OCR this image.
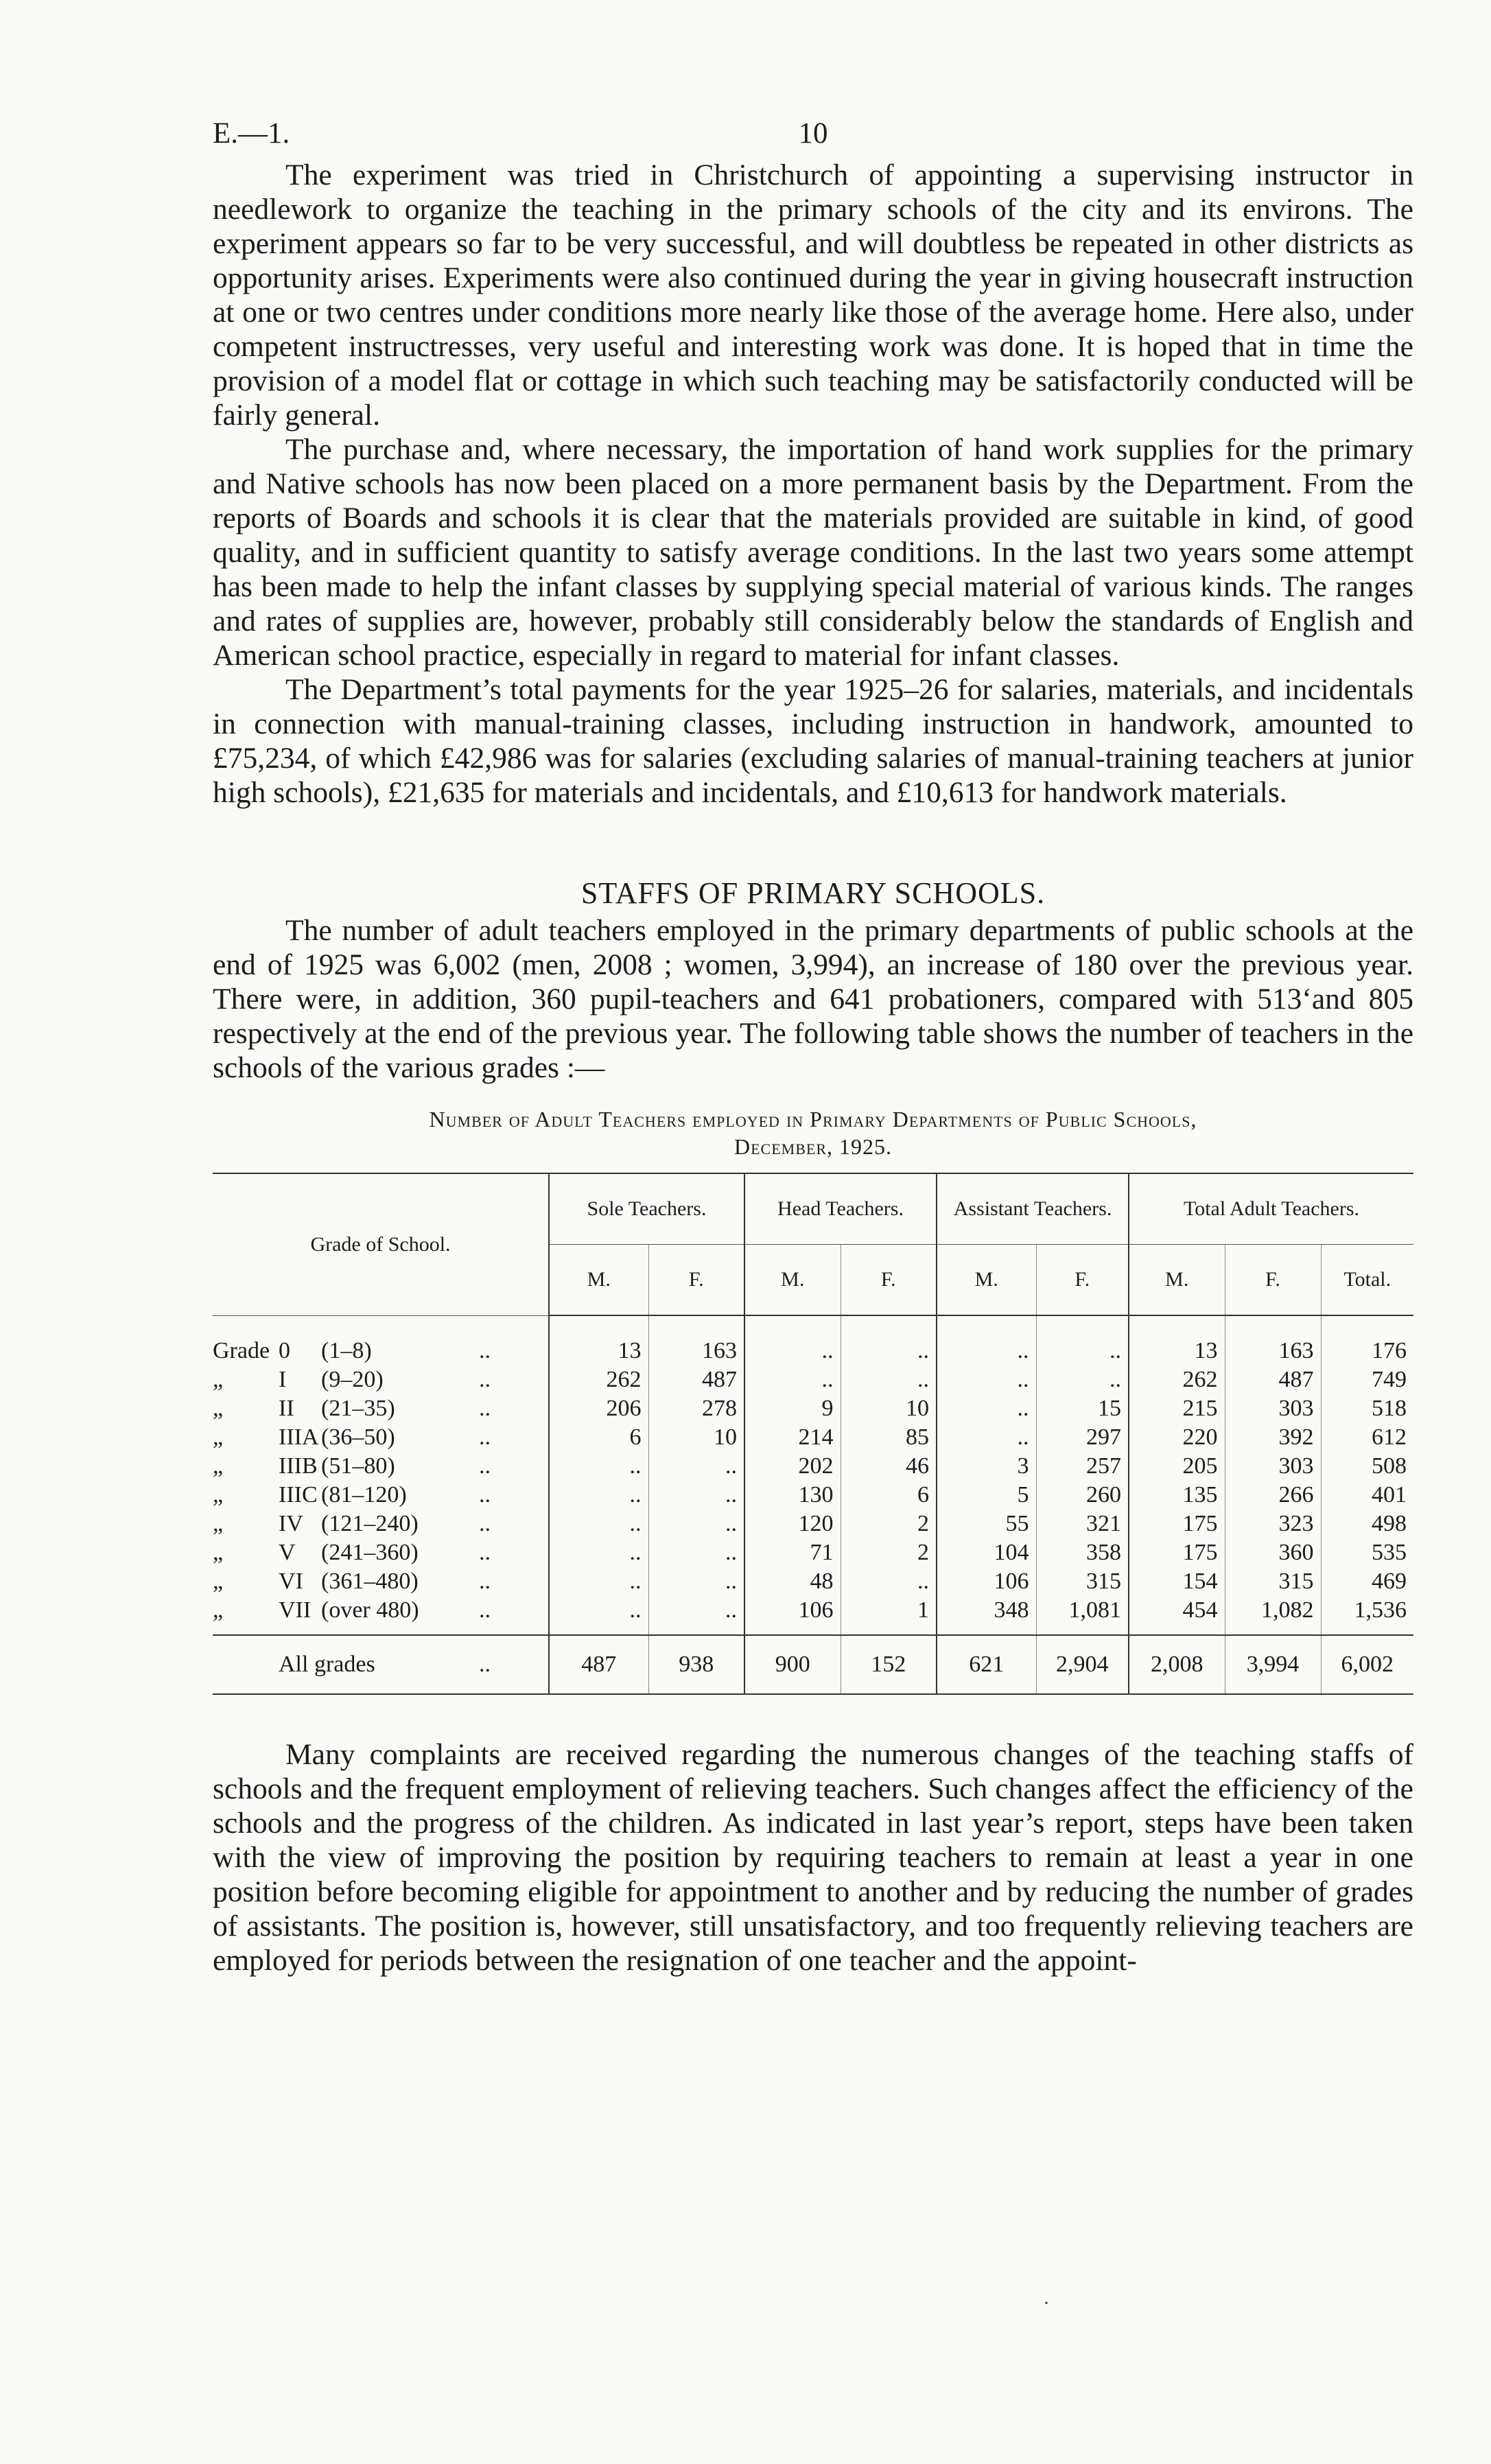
E.—1.	10

The experiment was tried in Christchurch of appointing a supervising instructor in needlework to organize the teaching in the primary schools of the city and its environs. The experiment appears so far to be very successful, and will doubtless be repeated in other districts as opportunity arises. Experiments were also continued during the year in giving housecraft instruction at one or two centres under conditions more nearly like those of the average home. Here also, under competent instructresses, very useful and interesting work was done. It is hoped that in time the provision of a model flat or cottage in which such teaching may be satisfactorily conducted will be fairly general.

The purchase and, where necessary, the importation of hand work supplies for the primary and Native schools has now been placed on a more permanent basis by the Department. From the reports of Boards and schools it is clear that the materials provided are suitable in kind, of good quality, and in sufficient quantity to satisfy average conditions. In the last two years some attempt has been made to help the infant classes by supplying special material of various kinds. The ranges and rates of supplies are, however, probably still considerably below the standards of English and American school practice, especially in regard to material for infant classes.

The Department’s total payments for the year 1925–26 for salaries, materials, and incidentals in connection with manual-training classes, including instruction in handwork, amounted to £75,234, of which £42,986 was for salaries (excluding salaries of manual-training teachers at junior high schools), £21,635 for materials and incidentals, and £10,613 for handwork materials.

STAFFS OF PRIMARY SCHOOLS.

The number of adult teachers employed in the primary departments of public schools at the end of 1925 was 6,002 (men, 2008 ; women, 3,994), an increase of 180 over the previous year. There were, in addition, 360 pupil-teachers and 641 probationers, compared with 513‘and 805 respectively at the end of the previous year. The following table shows the number of teachers in the schools of the various grades :—

Number of Adult Teachers employed in Primary Departments of Public Schools,
December, 1925.
Grade of School.	Sole Teachers.		Head Teachers.		Assistant Teachers.		Total Adult Teachers.		
	M.	F.	M.	F.	M.	F.	M.	F.	Total.
Grade 0 (1–8) ..	13	163	..	..	..	..	13	163	176
„ I (9–20) ..	262	487	..	..	..	..	262	487	749
„ II (21–35) ..	206	278	9	10	..	15	215	303	518
„ IIIA (36–50) ..	6	10	214	85	..	297	220	392	612
„ IIIB (51–80) ..	..	..	202	46	3	257	205	303	508
„ IIIC (81–120) ..	..	..	130	6	5	260	135	266	401
„ IV (121–240) ..	..	..	120	2	55	321	175	323	498
„ V (241–360) ..	..	..	71	2	104	358	175	360	535
„ VI (361–480) ..	..	..	48	..	106	315	154	315	469
„ VII (over 480) ..	..	..	106	1	348	1,081	454	1,082	1,536
All grades ..	487	938	900	152	621	2,904	2,008	3,994	6,002

Many complaints are received regarding the numerous changes of the teaching staffs of schools and the frequent employment of relieving teachers. Such changes affect the efficiency of the schools and the progress of the children. As indicated in last year’s report, steps have been taken with the view of improving the position by requiring teachers to remain at least a year in one position before becoming eligible for appointment to another and by reducing the number of grades of assistants. The position is, however, still unsatisfactory, and too frequently relieving teachers are employed for periods between the resignation of one teacher and the appoint-

·
